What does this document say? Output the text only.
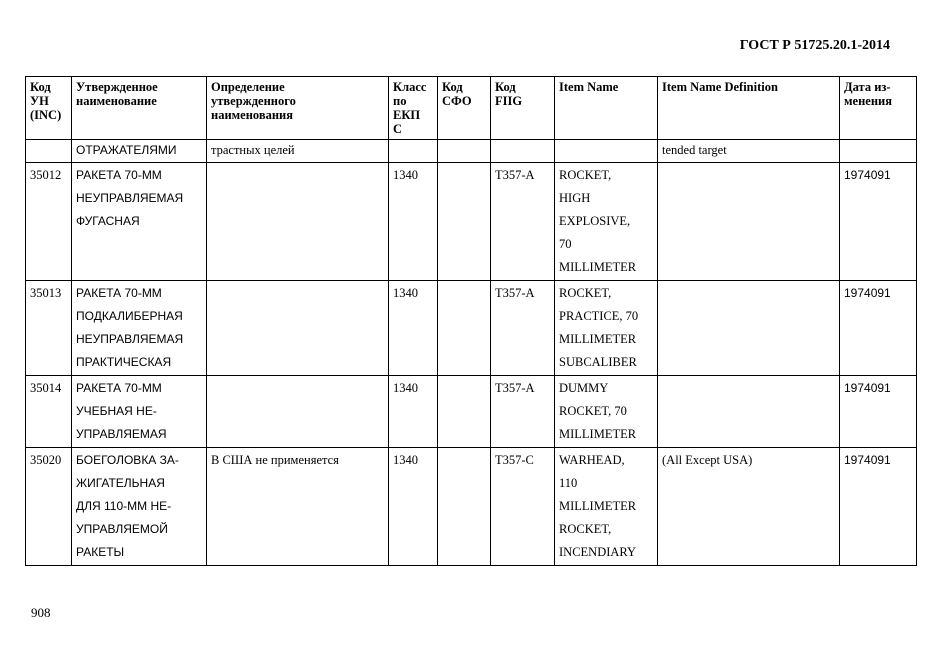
ГОСТ Р 51725.20.1-2014
Код
УН
(INC)	Утвержденное
наименование	Определение
утвержденного
наименования	Класс
по
ЕКП
С	Код
СФО	Код
FIIG	Item Name	Item Name Definition	Дата из-
менения

	ОТРАЖАТЕЛЯМИ	трастных целей					tended target	

35012	РАКЕТА 70-ММ
НЕУПРАВЛЯЕМАЯ
ФУГАСНАЯ		1340		T357-A	ROCKET,
HIGH
EXPLOSIVE,
70
MILLIMETER		1974091

35013	РАКЕТА 70-ММ
ПОДКАЛИБЕРНАЯ
НЕУПРАВЛЯЕМАЯ
ПРАКТИЧЕСКАЯ		1340		T357-A	ROCKET,
PRACTICE, 70
MILLIMETER
SUBCALIBER		1974091

35014	РАКЕТА 70-ММ
УЧЕБНАЯ НЕ-
УПРАВЛЯЕМАЯ		1340		T357-A	DUMMY
ROCKET, 70
MILLIMETER		1974091

35020	БОЕГОЛОВКА ЗА-
ЖИГАТЕЛЬНАЯ
ДЛЯ 110-ММ НЕ-
УПРАВЛЯЕМОЙ
РАКЕТЫ	В США не применяется	1340		T357-C	WARHEAD,
110
MILLIMETER
ROCKET,
INCENDIARY	(All Except USA)	1974091
908
